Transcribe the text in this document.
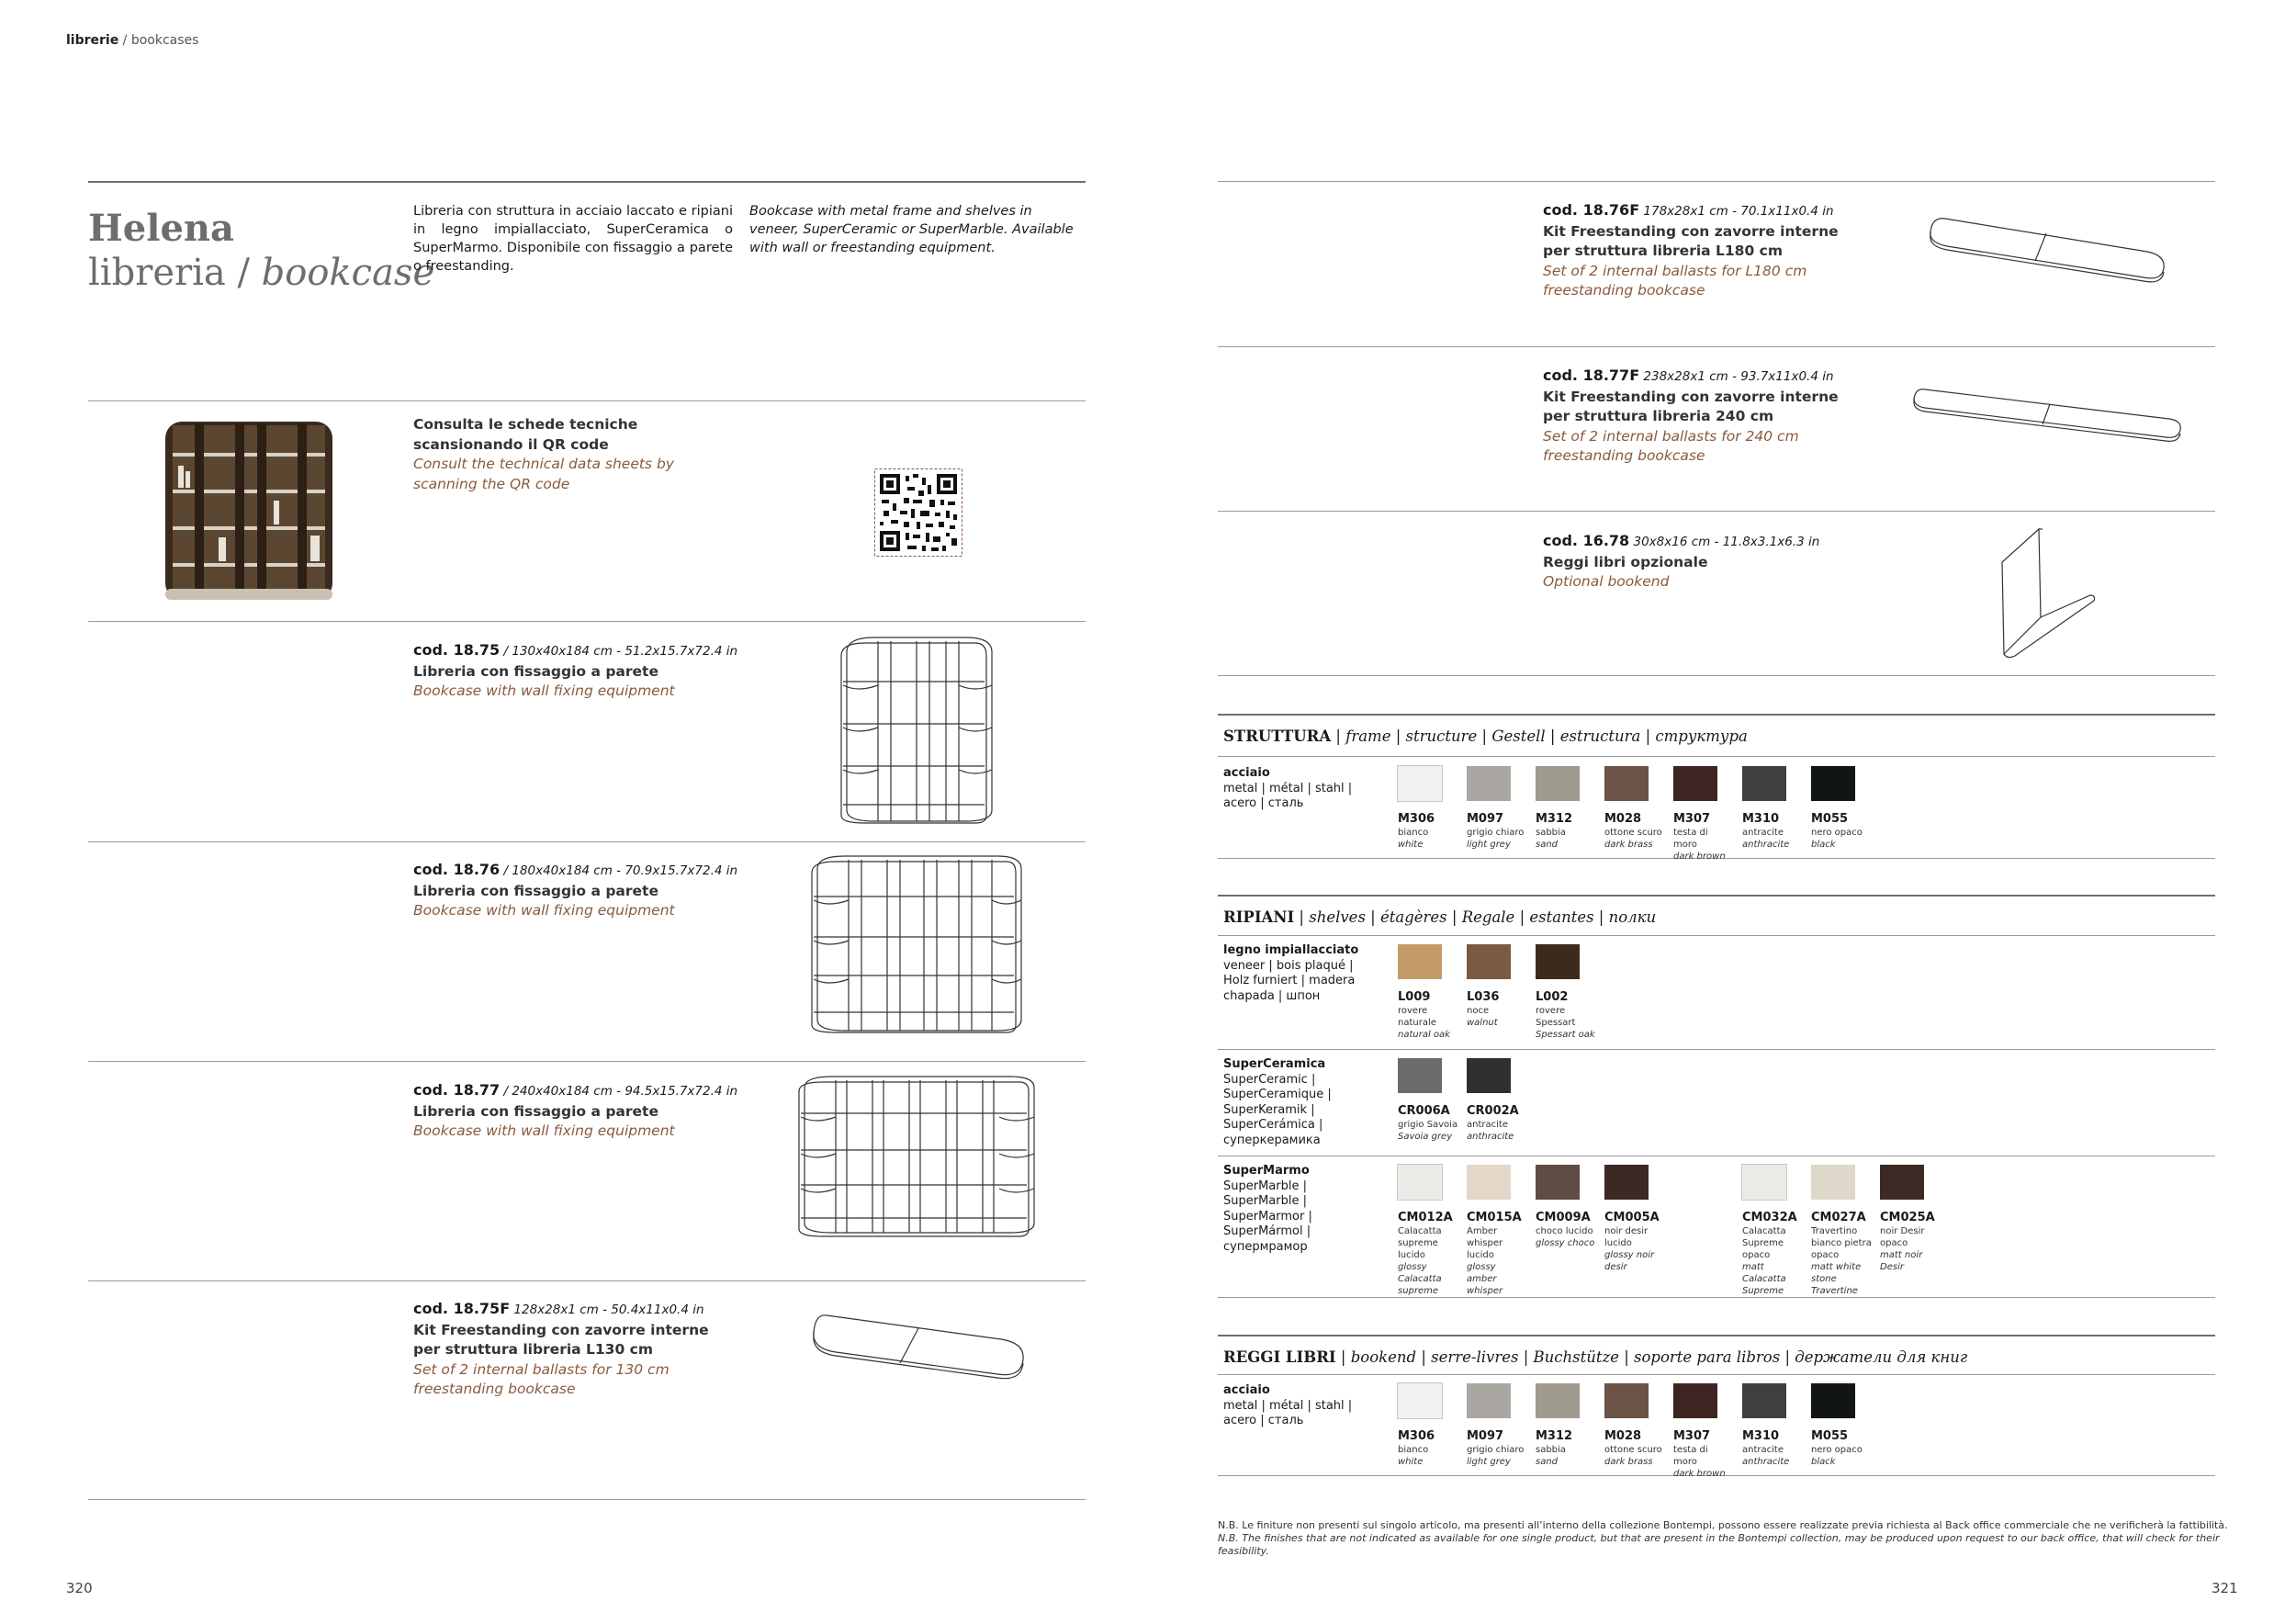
librerie / bookcases
Helena
libreria / bookcase
Libreria con struttura in acciaio laccato e ripiani in legno impiallacciato, SuperCeramica o SuperMarmo. Disponibile con fissaggio a parete o freestanding.
Bookcase with metal frame and shelves in veneer, SuperCeramic or SuperMarble. Available with wall or freestanding equipment.
Consulta le schede tecniche scansionando il QR code
Consult the technical data sheets by scanning the QR code
cod. 18.75 / 130x40x184 cm - 51.2x15.7x72.4 in
Libreria con fissaggio a parete
Bookcase with wall fixing equipment
cod. 18.76 / 180x40x184 cm - 70.9x15.7x72.4 in
Libreria con fissaggio a parete
Bookcase with wall fixing equipment
cod. 18.77 / 240x40x184 cm - 94.5x15.7x72.4 in
Libreria con fissaggio a parete
Bookcase with wall fixing equipment
cod. 18.75F 128x28x1 cm - 50.4x11x0.4 in
Kit Freestanding con zavorre interne per struttura libreria L130 cm
Set of 2 internal ballasts for 130 cm freestanding bookcase
320
cod. 18.76F 178x28x1 cm - 70.1x11x0.4 in
Kit Freestanding con zavorre interne per struttura libreria L180 cm
Set of 2 internal ballasts for L180 cm freestanding bookcase
cod. 18.77F 238x28x1 cm - 93.7x11x0.4 in
Kit Freestanding con zavorre interne per struttura libreria 240 cm
Set of 2 internal ballasts for 240 cm freestanding bookcase
cod. 16.78 30x8x16 cm - 11.8x3.1x6.3 in
Reggi libri opzionale
Optional bookend
STRUTTURA | frame | structure | Gestell | estructura | структура
acciaio
metal | métal | stahl | acero | сталь
RIPIANI | shelves | étagères | Regale | estantes | полки
legno impiallacciato
veneer | bois plaqué | Holz furniert | madera chapada | шпон
SuperCeramica
SuperCeramic | SuperCeramique | SuperKeramik | SuperCerámica | суперкерамика
SuperMarmo
SuperMarble | SuperMarble | SuperMarmor | SuperMármol | супермрамор
REGGI LIBRI | bookend | serre-livres | Buchstütze | soporte para libros | держатели для книг
acciaio
metal | métal | stahl | acero | сталь
N.B. Le finiture non presenti sul singolo articolo, ma presenti all’interno della collezione Bontempi, possono essere realizzate previa richiesta al Back office commerciale che ne verificherà la fattibilità.
N.B. The finishes that are not indicated as available for one single product, but that are present in the Bontempi collection, may be produced upon request to our back office, that will check for their feasibility.
321
M306
bianco
white
M097
grigio chiaro
light grey
M312
sabbia
sand
M028
ottone scuro
dark brass
M307
testa di moro
dark brown
M310
antracite
anthracite
M055
nero opaco
black
L009
rovere naturale
natural oak
L036
noce
walnut
L002
rovere Spessart
Spessart oak
CR006A
grigio Savoia
Savoia grey
CR002A
antracite
anthracite
CM012A
Calacatta supreme lucido
glossy Calacatta supreme
CM015A
Amber whisper lucido
glossy amber whisper
CM009A
choco lucido
glossy choco
CM005A
noir desir lucido
glossy noir desir
CM032A
Calacatta Supreme opaco
matt Calacatta Supreme
CM027A
Travertino bianco pietra opaco
matt white stone Travertine
CM025A
noir Desir opaco
matt noir Desir
M306
bianco
white
M097
grigio chiaro
light grey
M312
sabbia
sand
M028
ottone scuro
dark brass
M307
testa di moro
dark brown
M310
antracite
anthracite
M055
nero opaco
black
